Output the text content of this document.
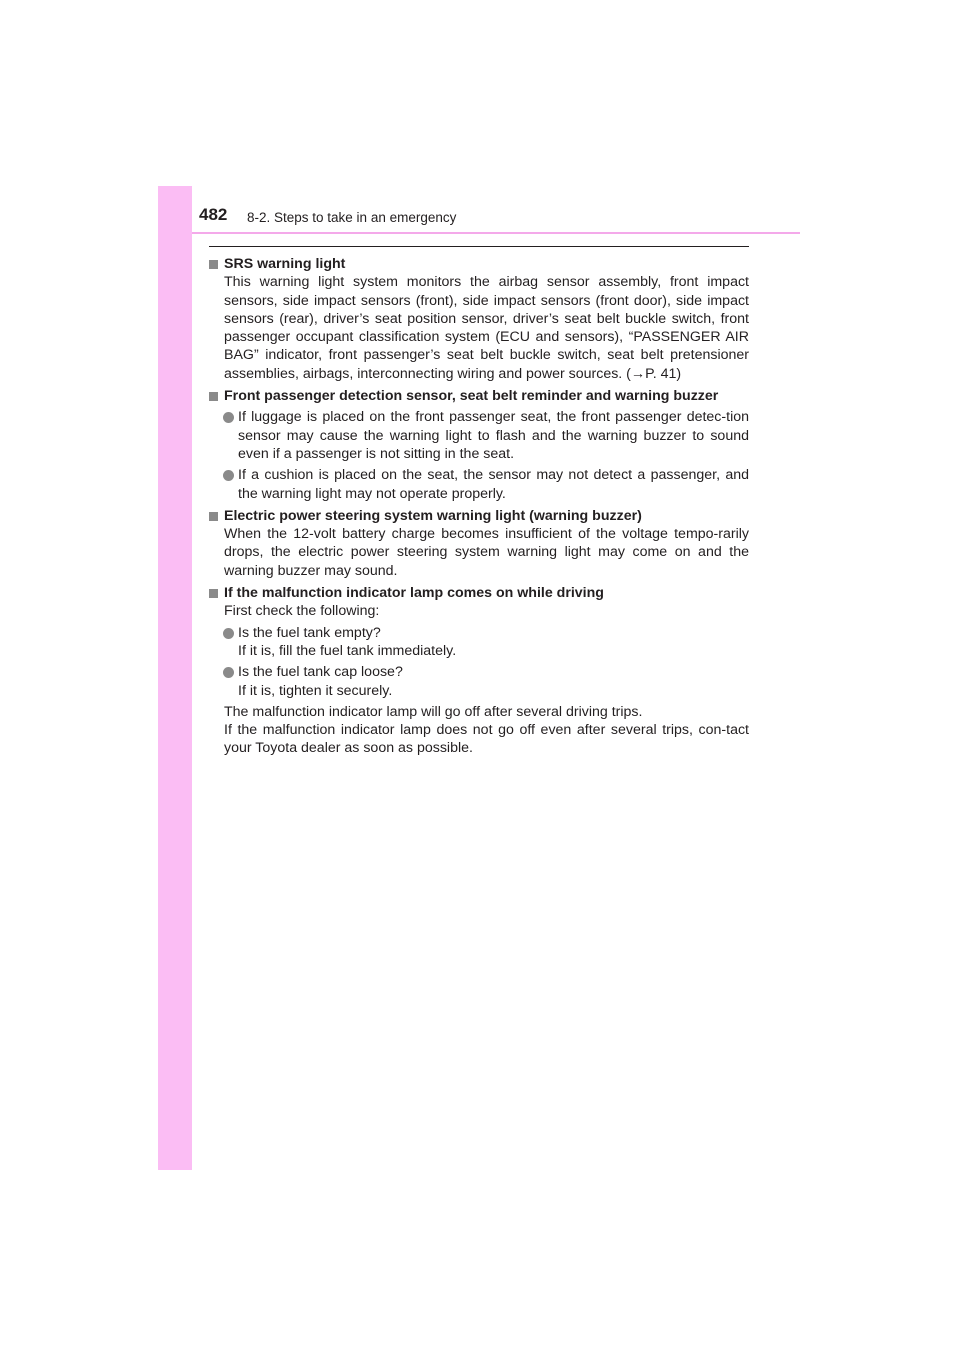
482 8-2. Steps to take in an emergency
SRS warning light
This warning light system monitors the airbag sensor assembly, front impact sensors, side impact sensors (front), side impact sensors (front door), side impact sensors (rear), driver’s seat position sensor, driver’s seat belt buckle switch, front passenger occupant classification system (ECU and sensors), “PASSENGER AIR BAG” indicator, front passenger’s seat belt buckle switch, seat belt pretensioner assemblies, airbags, interconnecting wiring and power sources. (→P. 41)
Front passenger detection sensor, seat belt reminder and warning buzzer
If luggage is placed on the front passenger seat, the front passenger detec-tion sensor may cause the warning light to flash and the warning buzzer to sound even if a passenger is not sitting in the seat.
If a cushion is placed on the seat, the sensor may not detect a passenger, and the warning light may not operate properly.
Electric power steering system warning light (warning buzzer)
When the 12-volt battery charge becomes insufficient of the voltage tempo-rarily drops, the electric power steering system warning light may come on and the warning buzzer may sound.
If the malfunction indicator lamp comes on while driving
First check the following:
Is the fuel tank empty?
If it is, fill the fuel tank immediately.
Is the fuel tank cap loose?
If it is, tighten it securely.
The malfunction indicator lamp will go off after several driving trips.
If the malfunction indicator lamp does not go off even after several trips, con-tact your Toyota dealer as soon as possible.
